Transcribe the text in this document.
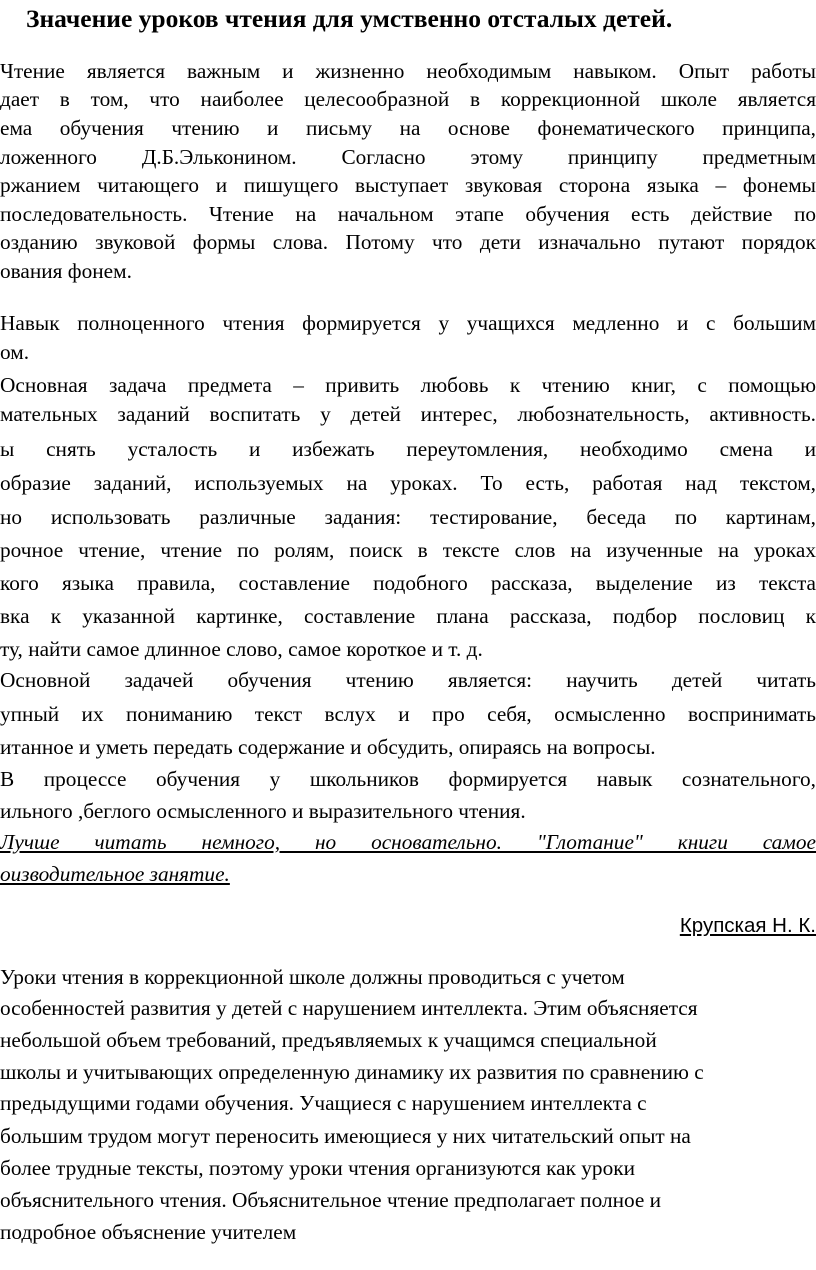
Значение уроков чтения для умственно отсталых детей.

Чтение является важным и жизненно необходимым навыком. Опыт работы

дает в том, что наиболее целесообразной в коррекционной школе является

ема обучения чтению и письму на основе фонематического принципа,

ложенного Д.Б.Эльконином. Согласно этому принципу предметным

ржанием читающего и пишущего выступает звуковая сторона языка – фонемы

последовательность. Чтение на начальном этапе обучения есть действие по

озданию звуковой формы слова. Потому что дети изначально путают порядок

ования фонем.

Навык полноценного чтения формируется у учащихся медленно и с большим

ом.

Основная задача предмета – привить любовь к чтению книг, с помощью

мательных заданий воспитать у детей интерес, любознательность, активность.

ы снять усталость и избежать переутомления, необходимо смена и

образие заданий, используемых на уроках. То есть, работая над текстом,

но использовать различные задания: тестирование, беседа по картинам,

рочное чтение, чтение по ролям, поиск в тексте слов на изученные на уроках

кого языка правила, составление подобного рассказа, выделение из текста

вка к указанной картинке, составление плана рассказа, подбор пословиц к

ту, найти самое длинное слово, самое короткое и т. д.

Основной задачей обучения чтению является: научить детей читать

упный их пониманию текст вслух и про себя, осмысленно воспринимать

итанное и уметь передать содержание и обсудить, опираясь на вопросы.

В процессе обучения у школьников формируется навык сознательного,

ильного ,беглого осмысленного и выразительного чтения.

Лучше читать немного, но основательно. "Глотание" книги самое

оизводительное занятие.

Крупская Н. К.

Уроки чтения в коррекционной школе должны проводиться с учетом

особенностей развития у детей с нарушением интеллекта. Этим объясняется

небольшой объем требований, предъявляемых к учащимся специальной

школы и учитывающих определенную динамику их развития по сравнению с

предыдущими годами обучения. Учащиеся с нарушением интеллекта с

большим трудом могут переносить имеющиеся у них читательский опыт на

более трудные тексты, поэтому уроки чтения организуются как уроки

объяснительного чтения. Объяснительное чтение предполагает полное и

подробное объяснение учителем
